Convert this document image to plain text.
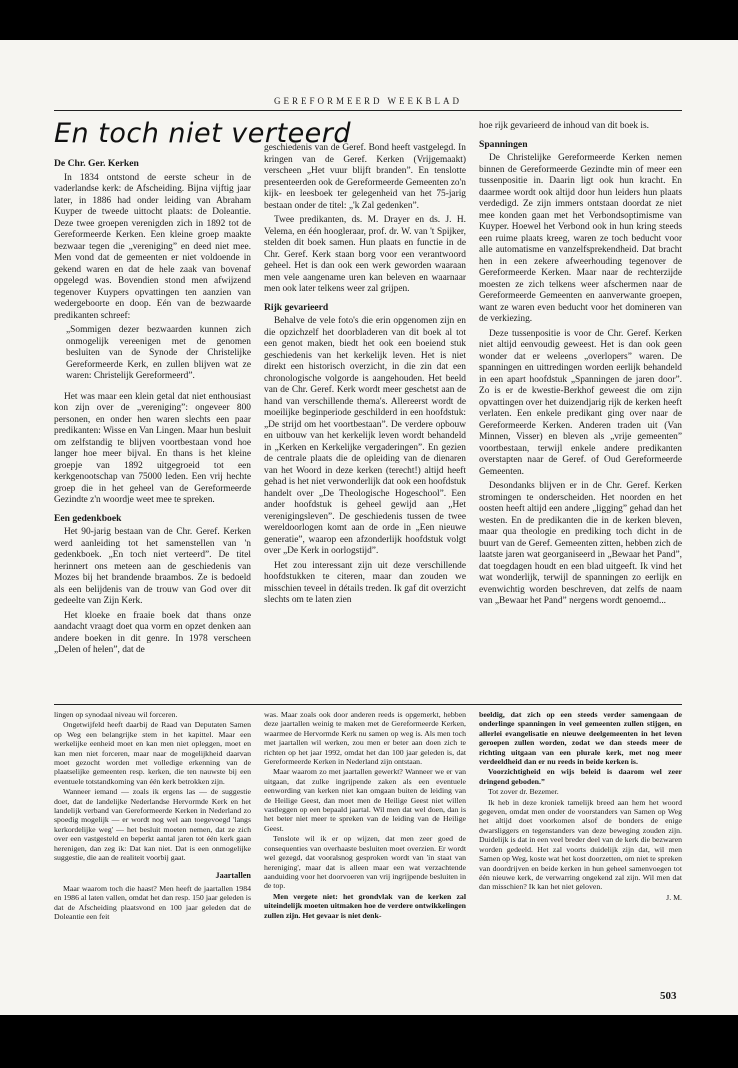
GEREFORMEERD WEEKBLAD
En toch niet verteerd
De Chr. Ger. Kerken

In 1834 ontstond de eerste scheur in de vaderlandse kerk: de Afscheiding. Bijna vijftig jaar later, in 1886 had onder leiding van Abraham Kuyper de tweede uittocht plaats: de Doleantie. Deze twee groepen verenigden zich in 1892 tot de Gereformeerde Kerken. Een kleine groep maakte bezwaar tegen die „vereniging” en deed niet mee. Men vond dat de gemeenten er niet voldoende in gekend waren en dat de hele zaak van bovenaf opgelegd was. Bovendien stond men afwijzend tegenover Kuypers opvattingen ten aanzien van wedergeboorte en doop. Eén van de bezwaarde predikanten schreef:

„Sommigen dezer bezwaarden kunnen zich onmogelijk vereenigen met de genomen besluiten van de Synode der Christelijke Gereformeerde Kerk, en zullen blijven wat ze waren: Christelijk Gereformeerd”.

Het was maar een klein getal dat niet enthousiast kon zijn over de „vereniging”: ongeveer 800 personen, en onder hen waren slechts een paar predikanten: Wisse en Van Lingen. Maar hun besluit om zelfstandig te blijven voortbestaan vond hoe langer hoe meer bijval. En thans is het kleine groepje van 1892 uitgegroeid tot een kerkgenootschap van 75000 leden. Een vrij hechte groep die in het geheel van de Gereformeerde Gezindte z'n woordje weet mee te spreken.

Een gedenkboek

Het 90-jarig bestaan van de Chr. Geref. Kerken werd aanleiding tot het samenstellen van 'n gedenkboek. „En toch niet verteerd”. De titel herinnert ons meteen aan de geschiedenis van Mozes bij het brandende braambos. Ze is bedoeld als een belijdenis van de trouw van God over dit gedeelte van Zijn Kerk.

Het kloeke en fraaie boek dat thans onze aandacht vraagt doet qua vorm en opzet denken aan andere boeken in dit genre. In 1978 verscheen „Delen of helen”, dat de

geschiedenis van de Geref. Bond heeft vastgelegd. In kringen van de Geref. Kerken (Vrijgemaakt) verscheen „Het vuur blijft branden”. En tenslotte presenteerden ook de Gereformeerde Gemeenten zo'n kijk- en leesboek ter gelegenheid van het 75-jarig bestaan onder de titel: „'k Zal gedenken”.

Twee predikanten, ds. M. Drayer en ds. J. H. Velema, en één hoogleraar, prof. dr. W. van 't Spijker, stelden dit boek samen. Hun plaats en functie in de Chr. Geref. Kerk staan borg voor een verantwoord geheel. Het is dan ook een werk geworden waaraan men vele aangename uren kan beleven en waarnaar men ook later telkens weer zal grijpen.

Rijk gevarieerd

Behalve de vele foto's die erin opgenomen zijn en die opzichzelf het doorbladeren van dit boek al tot een genot maken, biedt het ook een boeiend stuk geschiedenis van het kerkelijk leven. Het is niet direkt een historisch overzicht, in die zin dat een chronologische volgorde is aangehouden. Het beeld van de Chr. Geref. Kerk wordt meer geschetst aan de hand van verschillende thema's. Allereerst wordt de moeilijke beginperiode geschilderd in een hoofdstuk: „De strijd om het voortbestaan”. De verdere opbouw en uitbouw van het kerkelijk leven wordt behandeld in „Kerken en Kerkelijke vergaderingen”. En gezien de centrale plaats die de opleiding van de dienaren van het Woord in deze kerken (terecht!) altijd heeft gehad is het niet verwonderlijk dat ook een hoofdstuk handelt over „De Theologische Hogeschool”. Een ander hoofdstuk is geheel gewijd aan „Het verenigingsleven”. De geschiedenis tussen de twee wereldoorlogen komt aan de orde in „Een nieuwe generatie”, waarop een afzonderlijk hoofdstuk volgt over „De Kerk in oorlogstijd”.

Het zou interessant zijn uit deze verschillende hoofdstukken te citeren, maar dan zouden we misschien teveel in détails treden. Ik gaf dit overzicht slechts om te laten zien

hoe rijk gevarieerd de inhoud van dit boek is.

Spanningen

De Christelijke Gereformeerde Kerken nemen binnen de Gereformeerde Gezindte min of meer een tussenpositie in. Daarin ligt ook hun kracht. En daarmee wordt ook altijd door hun leiders hun plaats verdedigd. Ze zijn immers ontstaan doordat ze niet mee konden gaan met het Verbondsoptimisme van Kuyper. Hoewel het Verbond ook in hun kring steeds een ruime plaats kreeg, waren ze toch beducht voor alle automatisme en vanzelfsprekendheid. Dat bracht hen in een zekere afweerhouding tegenover de Gereformeerde Kerken. Maar naar de rechterzijde moesten ze zich telkens weer afschermen naar de Gereformeerde Gemeenten en aanverwante groepen, want ze waren even beducht voor het domineren van de verkiezing.

Deze tussenpositie is voor de Chr. Geref. Kerken niet altijd eenvoudig geweest. Het is dan ook geen wonder dat er weleens „overlopers” waren. De spanningen en uittredingen worden eerlijk behandeld in een apart hoofdstuk „Spanningen de jaren door”. Zo is er de kwestie-Berkhof geweest die om zijn opvattingen over het duizendjarig rijk de kerken heeft verlaten. Een enkele predikant ging over naar de Gereformeerde Kerken. Anderen traden uit (Van Minnen, Visser) en bleven als „vrije gemeenten” voortbestaan, terwijl enkele andere predikanten overstapten naar de Geref. of Oud Gereformeerde Gemeenten.

Desondanks blijven er in de Chr. Geref. Kerken stromingen te onderscheiden. Het noorden en het oosten heeft altijd een andere „ligging” gehad dan het westen. En de predikanten die in de kerken bleven, maar qua theologie en prediking toch dicht in de buurt van de Geref. Gemeenten zitten, hebben zich de laatste jaren wat georganiseerd in „Bewaar het Pand”, dat toegdagen houdt en een blad uitgeeft. Ik vind het wat wonderlijk, terwijl de spanningen zo eerlijk en evenwichtig worden beschreven, dat zelfs de naam van „Bewaar het Pand” nergens wordt genoemd...

lingen op synodaal niveau wil forceren.

Ongetwijfeld heeft daarbij de Raad van Deputaten Samen op Weg een belangrijke stem in het kapittel. Maar een werkelijke eenheid moet en kan men niet opleggen, moet en kan men niet forceren, maar naar de mogelijkheid daarvan moet gezocht worden met volledige erkenning van de plaatselijke gemeenten resp. kerken, die ten nauwste bij een eventuele totstandkoming van één kerk betrokken zijn.

Wanneer iemand — zoals ik ergens las — de suggestie doet, dat de landelijke Nederlandse Hervormde Kerk en het landelijk verband van Gereformeerde Kerken in Nederland zo spoedig mogelijk — er wordt nog wel aan toegevoegd 'langs kerkordelijke weg' — het besluit moeten nemen, dat ze zich over een vastgesteld en beperkt aantal jaren tot één kerk gaan herenigen, dan zeg ik: Dat kan niet. Dat is een onmogelijke suggestie, die aan de realiteit voorbij gaat.

Jaartallen

Maar waarom toch die haast? Men heeft de jaartallen 1984 en 1986 al laten vallen, omdat het dan resp. 150 jaar geleden is dat de Afscheiding plaatsvond en 100 jaar geleden dat de Doleantie een feit

was. Maar zoals ook door anderen reeds is opgemerkt, hebben deze jaartallen weinig te maken met de Gereformeerde Kerken, waarmee de Hervormde Kerk nu samen op weg is. Als men toch met jaartallen wil werken, zou men er beter aan doen zich te richten op het jaar 1992, omdat het dan 100 jaar geleden is, dat Gereformeerde Kerken in Nederland zijn ontstaan.

Maar waarom zo met jaartallen gewerkt? Wanneer we er van uitgaan, dat zulke ingrijpende zaken als een eventuele eenwording van kerken niet kan omgaan buiten de leiding van de Heilige Geest, dan moet men de Heilige Geest niet willen vastleggen op een bepaald jaartal. Wil men dat wel doen, dan is het beter niet meer te spreken van de leiding van de Heilige Geest.

Tenslote wil ik er op wijzen, dat men zeer goed de consequenties van overhaaste besluiten moet overzien. Er wordt wel gezegd, dat vooralsnog gesproken wordt van 'in staat van hereniging', maar dat is alleen maar een wat verzachtende aanduiding voor het doorvoeren van vrij ingrijpende besluiten in de top.

Men vergete niet: het grondvlak van de kerken zal uiteindelijk moeten uitmaken hoe de verdere ontwikkelingen zullen zijn. Het gevaar is niet denk-

beeldig, dat zich op een steeds verder samengaan de onderlinge spanningen in veel gemeenten zullen stijgen, en allerlei evangelisatie en nieuwe deelgemeenten in het leven geroepen zullen worden, zodat we dan steeds meer de richting uitgaan van een plurale kerk, met nog meer verdeeldheid dan er nu reeds in beide kerken is.

Voorzichtigheid en wijs beleid is daarom wel zeer dringend geboden.”

Tot zover dr. Bezemer.

Ik heb in deze kroniek tamelijk breed aan hem het woord gegeven, omdat men onder de voorstanders van Samen op Weg het altijd doet voorkomen alsof de bonders de enige dwarsliggers en tegenstanders van deze beweging zouden zijn. Duidelijk is dat in een veel breder deel van de kerk die bezwaren worden gedeeld. Het zal voorts duidelijk zijn dat, wil men Samen op Weg, koste wat het kost doorzetten, om niet te spreken van doordrijven en beide kerken in hun geheel samenvoegen tot één nieuwe kerk, de verwarring ongekend zal zijn. Wil men dat dan misschien? Ik kan het niet geloven.

J. M.

503
